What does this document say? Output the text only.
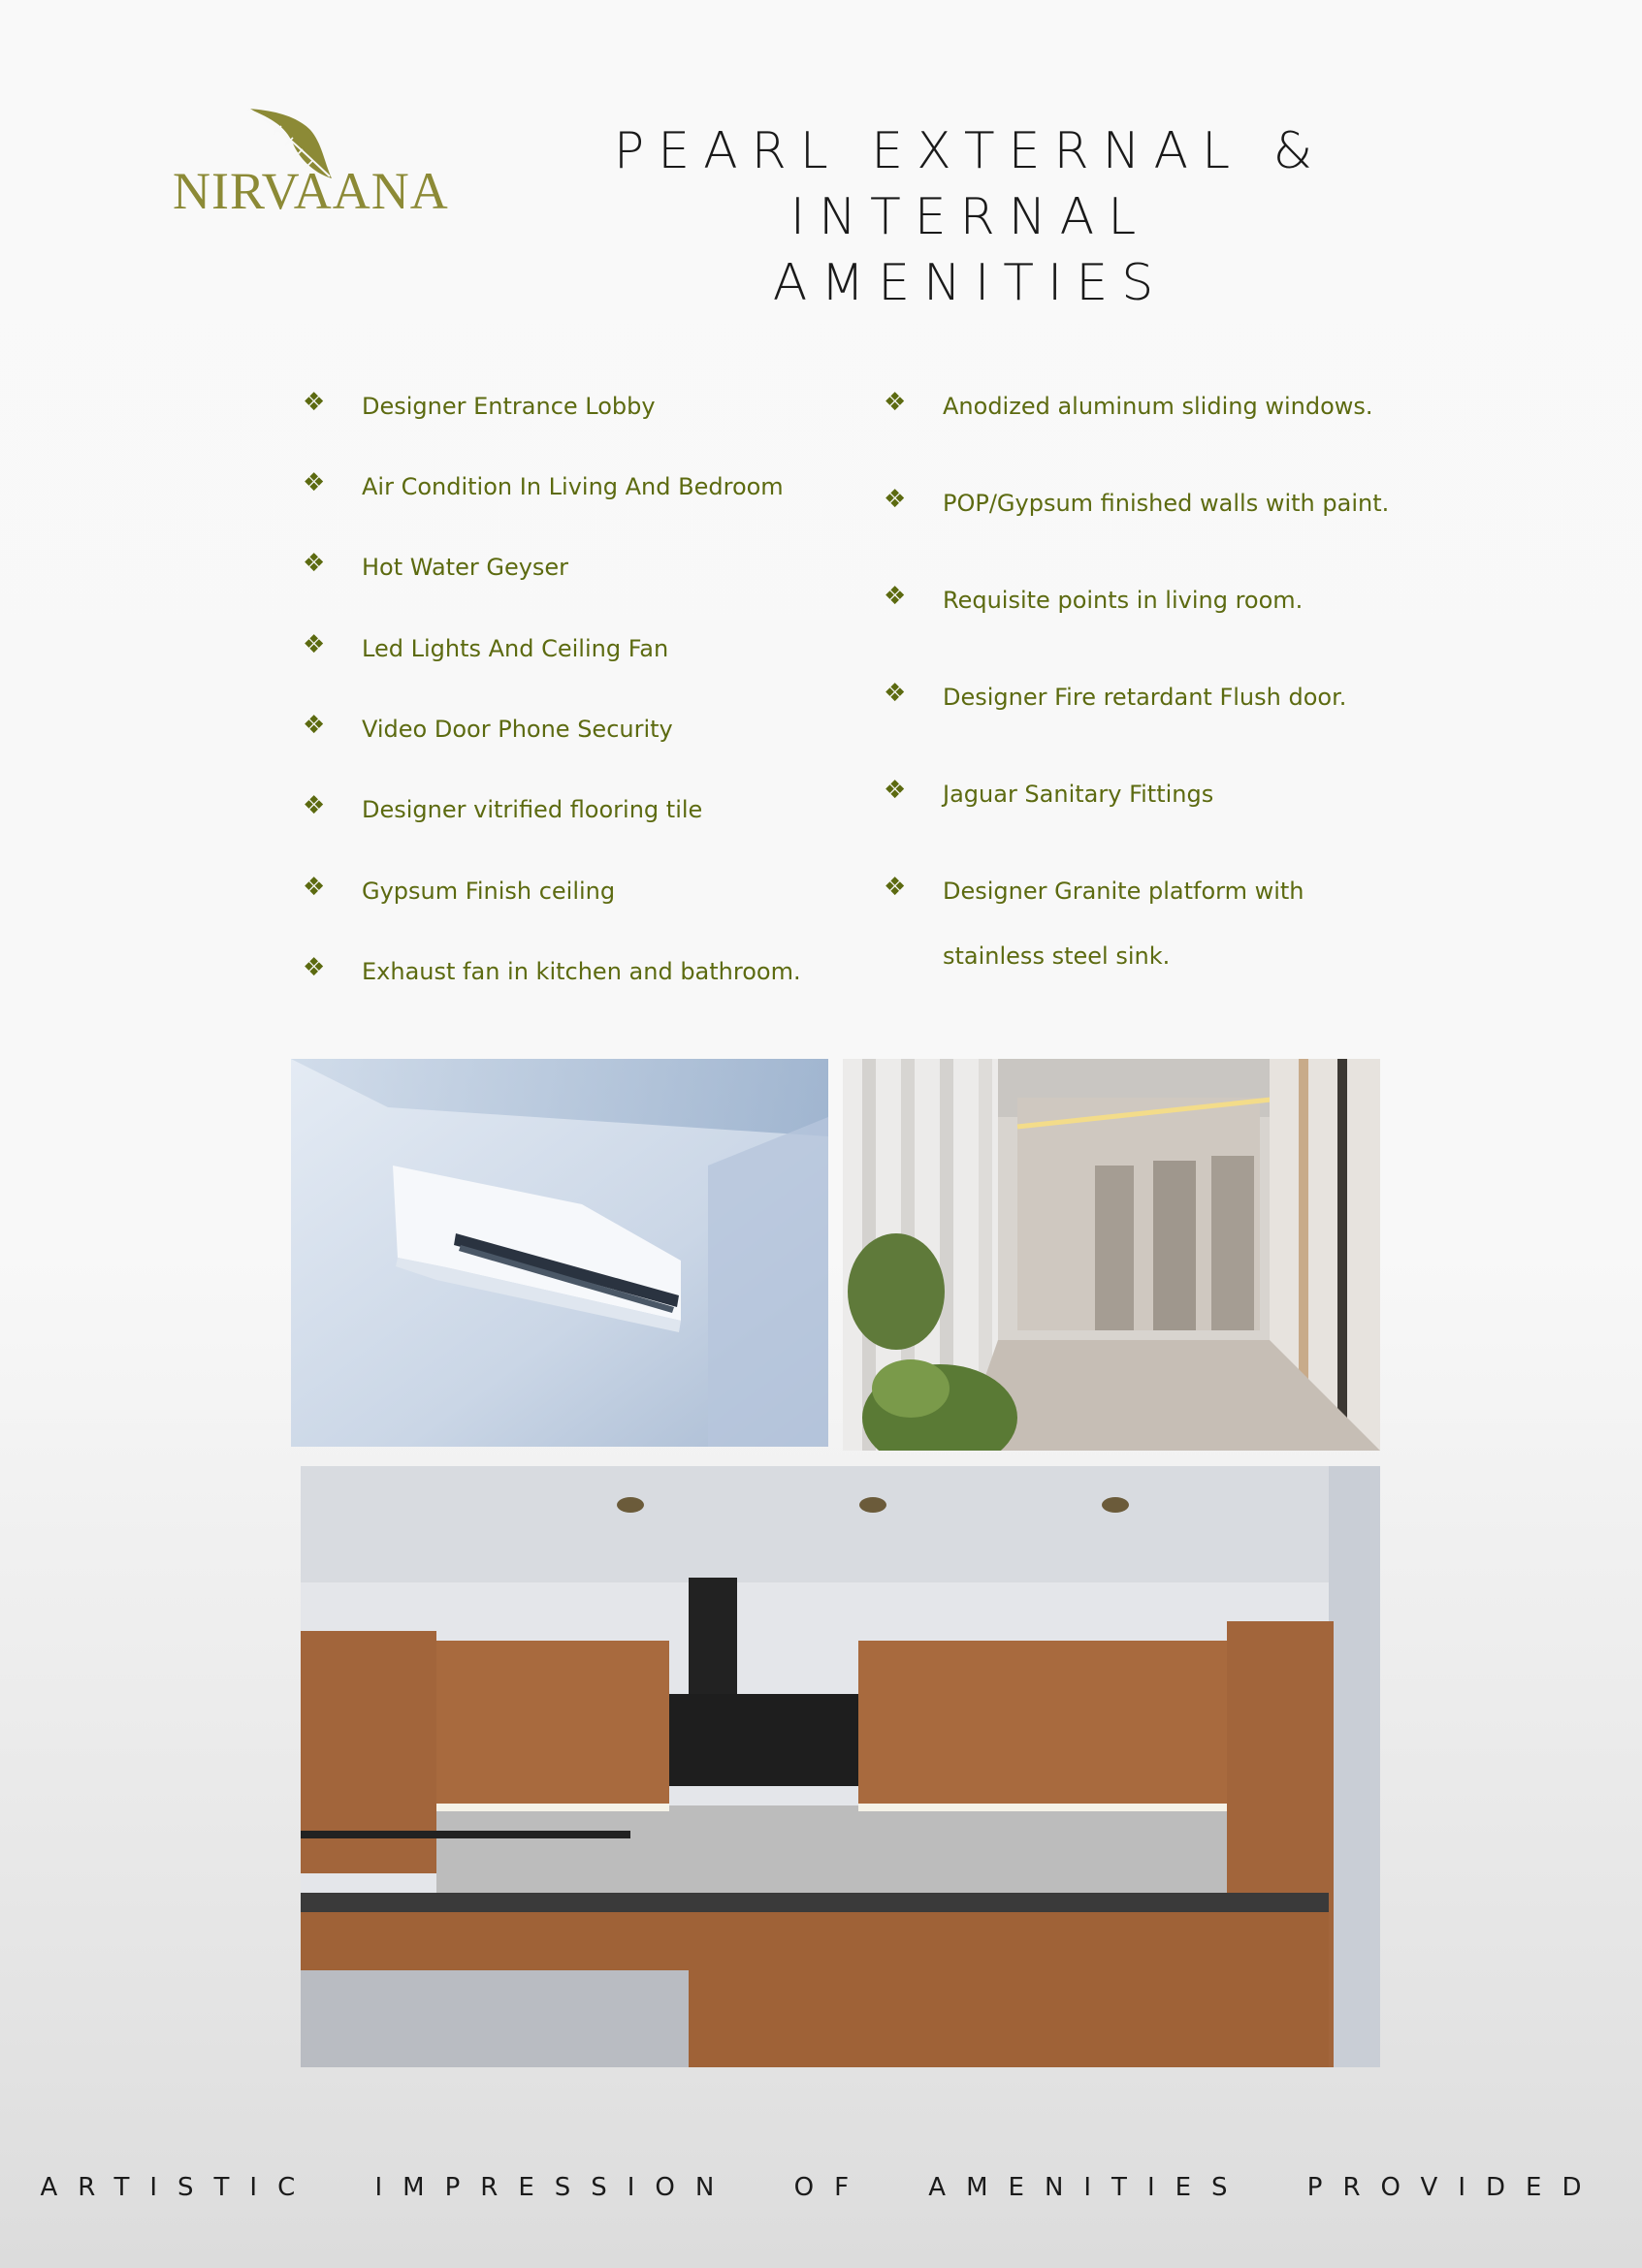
NIRVAANA
PEARL EXTERNAL & INTERNAL
AMENITIES
❖ Designer Entrance Lobby
❖ Air Condition In Living And Bedroom
❖ Hot Water Geyser
❖ Led Lights And Ceiling Fan
❖ Video Door Phone Security
❖ Designer vitrified flooring tile
❖ Gypsum Finish ceiling
❖ Exhaust fan in kitchen and bathroom.
❖ Anodized aluminum sliding windows.
❖ POP/Gypsum finished walls with paint.
❖ Requisite points in living room.
❖ Designer Fire retardant Flush door.
❖ Jaguar Sanitary Fittings
❖ Designer Granite platform with
stainless steel sink.
ARTISTIC IMPRESSION OF AMENITIES PROVIDED
